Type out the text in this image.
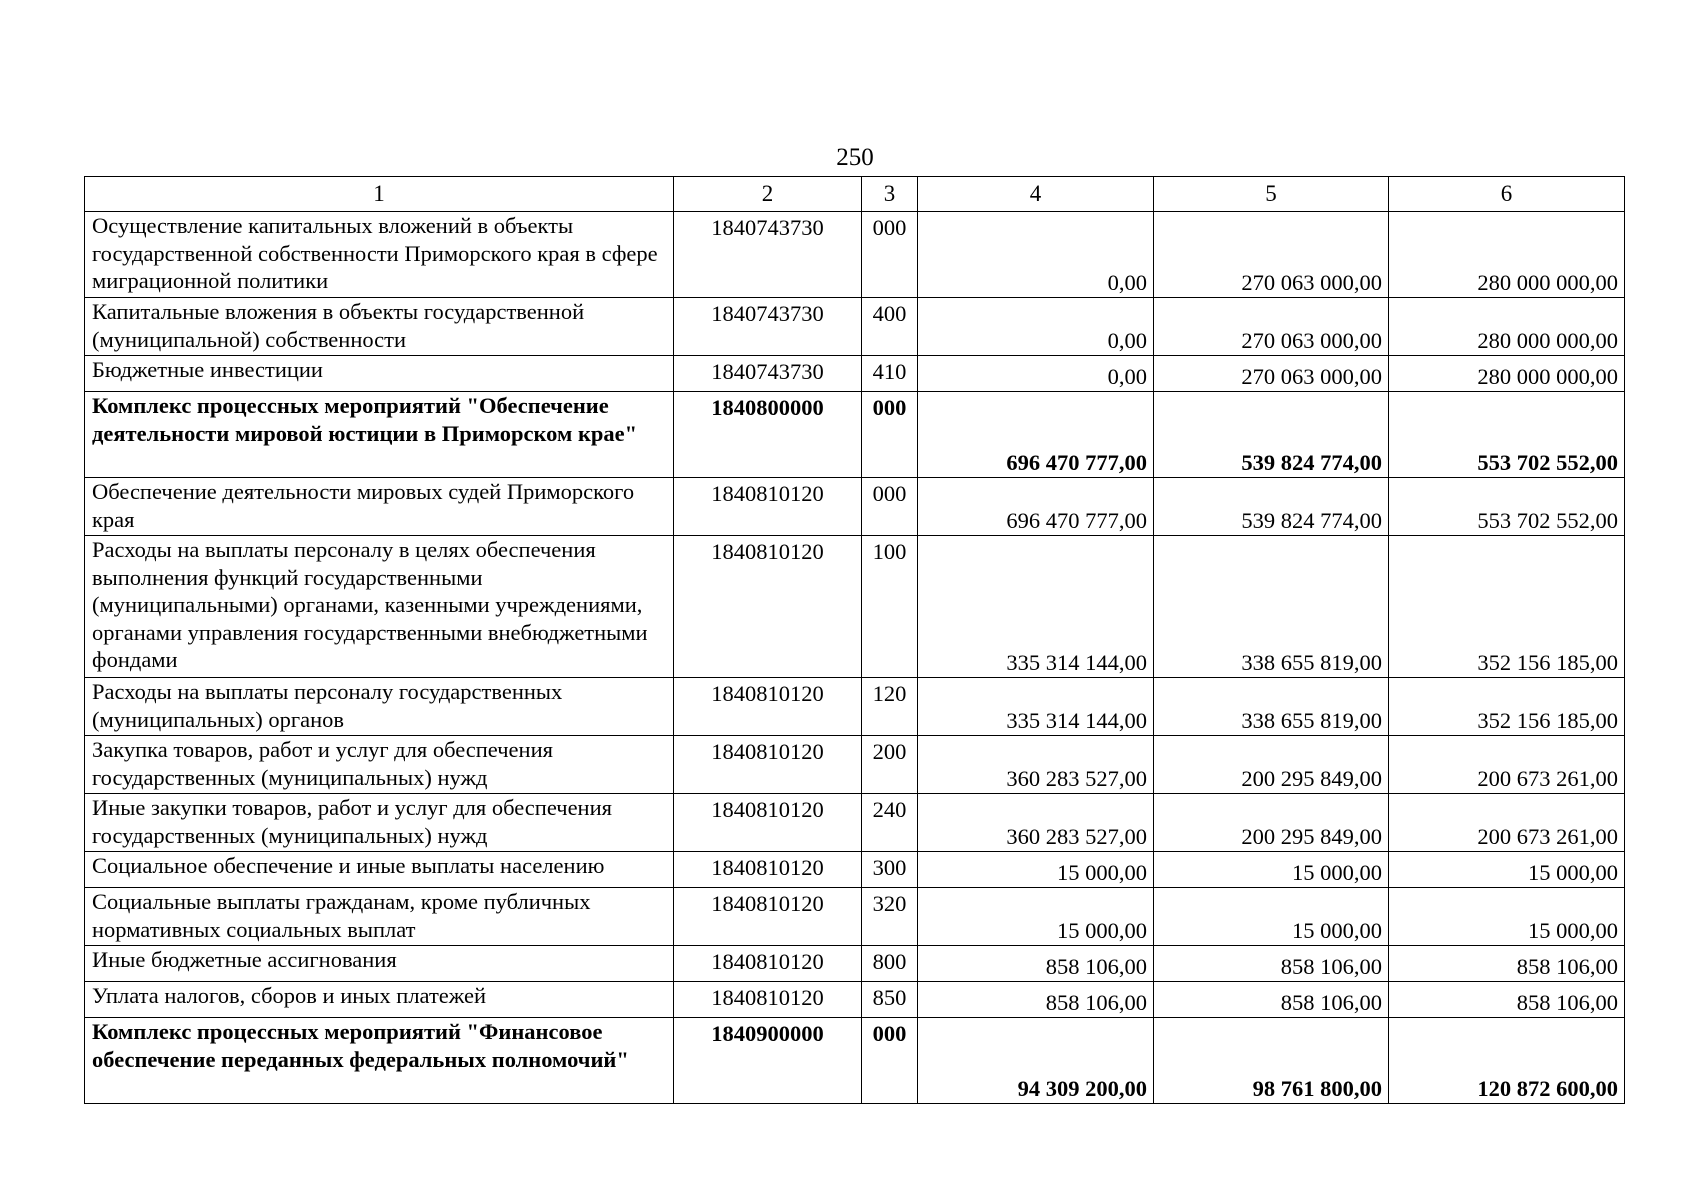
250
1	2	3	4	5	6
Осуществление капитальных вложений в объекты государственной собственности Приморского края в сфере миграционной политики	1840743730	000	0,00	270 063 000,00	280 000 000,00
Капитальные вложения в объекты государственной (муниципальной) собственности	1840743730	400	0,00	270 063 000,00	280 000 000,00
Бюджетные инвестиции	1840743730	410	0,00	270 063 000,00	280 000 000,00
Комплекс процессных мероприятий "Обеспечение деятельности мировой юстиции в Приморском крае"	1840800000	000	696 470 777,00	539 824 774,00	553 702 552,00
Обеспечение деятельности мировых судей Приморского края	1840810120	000	696 470 777,00	539 824 774,00	553 702 552,00
Расходы на выплаты персоналу в целях обеспечения выполнения функций государственными (муниципальными) органами, казенными учреждениями, органами управления государственными внебюджетными фондами	1840810120	100	335 314 144,00	338 655 819,00	352 156 185,00
Расходы на выплаты персоналу государственных (муниципальных) органов	1840810120	120	335 314 144,00	338 655 819,00	352 156 185,00
Закупка товаров, работ и услуг для обеспечения государственных (муниципальных) нужд	1840810120	200	360 283 527,00	200 295 849,00	200 673 261,00
Иные закупки товаров, работ и услуг для обеспечения государственных (муниципальных) нужд	1840810120	240	360 283 527,00	200 295 849,00	200 673 261,00
Социальное обеспечение и иные выплаты населению	1840810120	300	15 000,00	15 000,00	15 000,00
Социальные выплаты гражданам, кроме публичных нормативных социальных выплат	1840810120	320	15 000,00	15 000,00	15 000,00
Иные бюджетные ассигнования	1840810120	800	858 106,00	858 106,00	858 106,00
Уплата налогов, сборов и иных платежей	1840810120	850	858 106,00	858 106,00	858 106,00
Комплекс процессных мероприятий "Финансовое обеспечение переданных федеральных полномочий"	1840900000	000	94 309 200,00	98 761 800,00	120 872 600,00
